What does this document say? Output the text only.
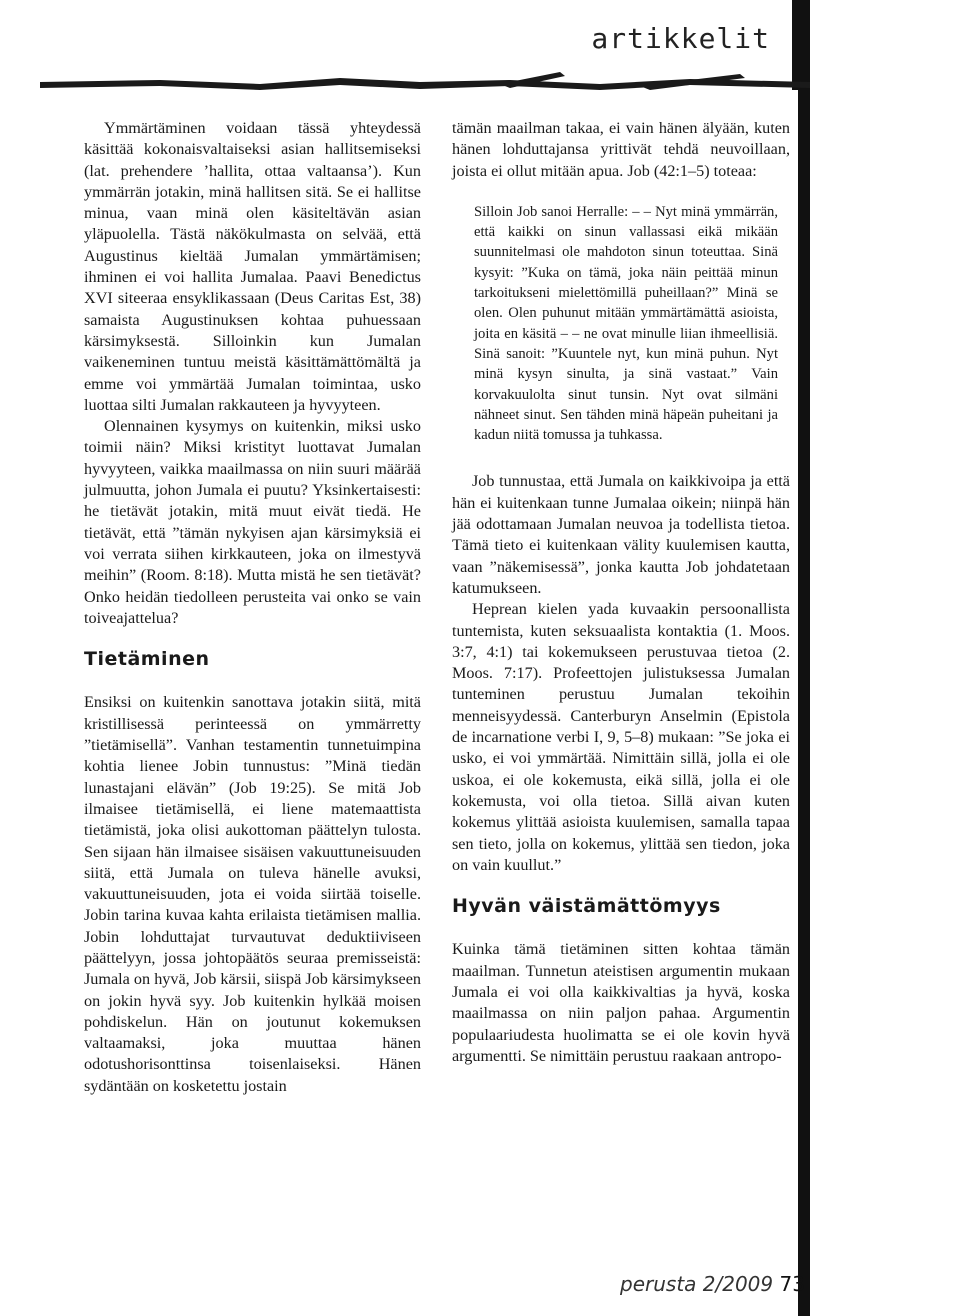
artikkelit

Ymmärtäminen voidaan tässä yhteydessä käsittää kokonaisvaltaiseksi asian hallitsemiseksi (lat. prehendere ’hallita, ottaa valtaansa’). Kun ymmärrän jotakin, minä hallitsen sitä. Se ei hallitse minua, vaan minä olen käsiteltävän asian yläpuolella. Tästä näkökulmasta on selvää, että Augustinus kieltää Jumalan ymmärtämisen; ihminen ei voi hallita Jumalaa. Paavi Benedictus XVI siteeraa ensyklikassaan (Deus Caritas Est, 38) samaista Augustinuksen kohtaa puhuessaan kärsimyksestä. Silloinkin kun Jumalan vaikeneminen tuntuu meistä käsittämättömältä ja emme voi ymmärtää Jumalan toimintaa, usko luottaa silti Jumalan rakkauteen ja hyvyyteen.

Olennainen kysymys on kuitenkin, miksi usko toimii näin? Miksi kristityt luottavat Jumalan hyvyyteen, vaikka maailmassa on niin suuri määrää julmuutta, johon Jumala ei puutu? Yksinkertaisesti: he tietävät jotakin, mitä muut eivät tiedä. He tietävät, että ”tämän nykyisen ajan kärsimyksiä ei voi verrata siihen kirkkauteen, joka on ilmestyvä meihin” (Room. 8:18). Mutta mistä he sen tietävät? Onko heidän tiedolleen perusteita vai onko se vain toiveajattelua?

Tietäminen

Ensiksi on kuitenkin sanottava jotakin siitä, mitä kristillisessä perinteessä on ymmärretty ”tietämisellä”. Vanhan testamentin tunnetuimpina kohtia lienee Jobin tunnustus: ”Minä tiedän lunastajani elävän” (Job 19:25). Se mitä Job ilmaisee tietämisellä, ei liene matemaattista tietämistä, joka olisi aukottoman päättelyn tulosta. Sen sijaan hän ilmaisee sisäisen vakuuttuneisuuden siitä, että Jumala on tuleva hänelle avuksi, vakuuttuneisuuden, jota ei voida siirtää toiselle. Jobin tarina kuvaa kahta erilaista tietämisen mallia. Jobin lohduttajat turvautuvat deduktiiviseen päättelyyn, jossa johtopäätös seuraa premisseistä: Jumala on hyvä, Job kärsii, siispä Job kärsimykseen on jokin hyvä syy. Job kuitenkin hylkää moisen pohdiskelun. Hän on joutunut kokemuksen valtaamaksi, joka muuttaa hänen odotushorisonttinsa toisenlaiseksi. Hänen sydäntään on kosketettu jostain

tämän maailman takaa, ei vain hänen älyään, kuten hänen lohduttajansa yrittivät tehdä neuvoillaan, joista ei ollut mitään apua. Job (42:1–5) toteaa:

Silloin Job sanoi Herralle: – – Nyt minä ymmärrän, että kaikki on sinun vallassasi eikä mikään suunnitelmasi ole mahdoton sinun toteuttaa. Sinä kysyit: ”Kuka on tämä, joka näin peittää minun tarkoitukseni mielettömillä puheillaan?” Minä se olen. Olen puhunut mitään ymmärtämättä asioista, joita en käsitä – – ne ovat minulle liian ihmeellisiä. Sinä sanoit: ”Kuuntele nyt, kun minä puhun. Nyt minä kysyn sinulta, ja sinä vastaat.” Vain korvakuulolta sinut tunsin. Nyt ovat silmäni nähneet sinut. Sen tähden minä häpeän puheitani ja kadun niitä tomussa ja tuhkassa.

Job tunnustaa, että Jumala on kaikkivoipa ja että hän ei kuitenkaan tunne Jumalaa oikein; niinpä hän jää odottamaan Jumalan neuvoa ja todellista tietoa. Tämä tieto ei kuitenkaan välity kuulemisen kautta, vaan ”näkemisessä”, jonka kautta Job johdatetaan katumukseen.

Heprean kielen yada kuvaakin persoonallista tuntemista, kuten seksuaalista kontaktia (1. Moos. 3:7, 4:1) tai kokemukseen perustuvaa tietoa (2. Moos. 7:17). Profeettojen julistuksessa Jumalan tunteminen perustuu Jumalan tekoihin menneisyydessä. Canterburyn Anselmin (Epistola de incarnatione verbi I, 9, 5–8) mukaan: ”Se joka ei usko, ei voi ymmärtää. Nimittäin sillä, jolla ei ole uskoa, ei ole kokemusta, eikä sillä, jolla ei ole kokemusta, voi olla tietoa. Sillä aivan kuten kokemus ylittää asioista kuulemisen, samalla tapaa sen tieto, jolla on kokemus, ylittää sen tiedon, joka on vain kuullut.”

Hyvän väistämättömyys

Kuinka tämä tietäminen sitten kohtaa tämän maailman. Tunnetun ateistisen argumentin mukaan Jumala ei voi olla kaikkivaltias ja hyvä, koska maailmassa on niin paljon pahaa. Argumentin populaariudesta huolimatta se ei ole kovin hyvä argumentti. Se nimittäin perustuu raakaan antropo-

perusta 2/2009 73
